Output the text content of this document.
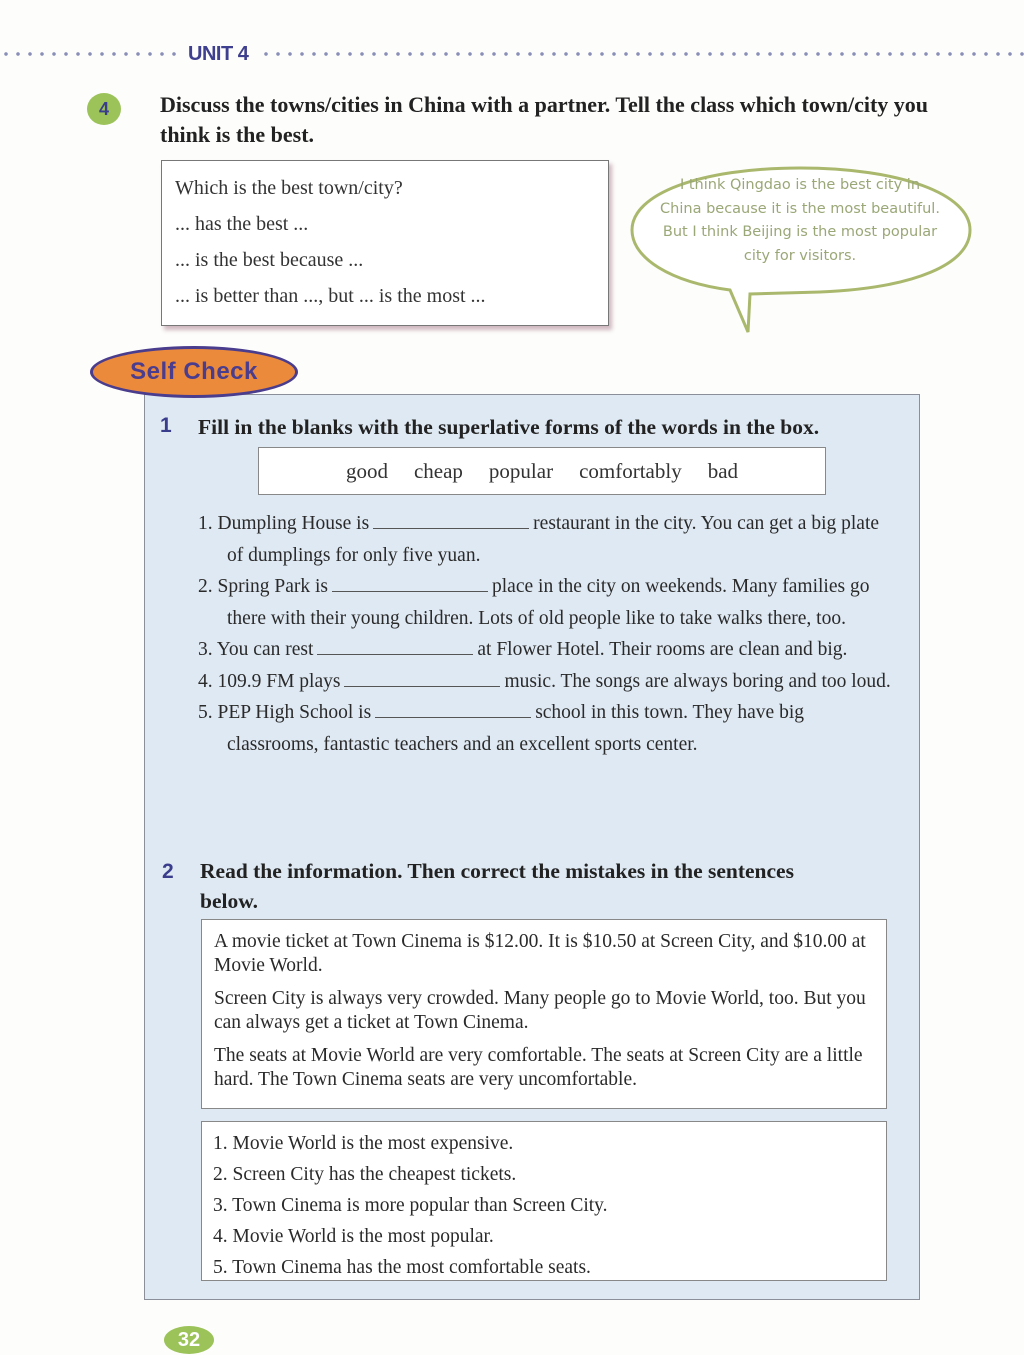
UNIT 4
4	Discuss the towns/cities in China with a partner. Tell the class which town/city you think is the best.
Which is the best town/city?
... has the best ...
... is the best because ...
... is better than ..., but ... is the most ...
I think Qingdao is the best city in China because it is the most beautiful. But I think Beijing is the most popular city for visitors.
Self Check
1 Fill in the blanks with the superlative forms of the words in the box.
good cheap popular comfortably bad
1. Dumpling House is	restaurant in the city. You can get a big plate of dumplings for only five yuan.
2. Spring Park is	place in the city on weekends. Many families go there with their young children. Lots of old people like to take walks there, too.
3. You can rest	at Flower Hotel. Their rooms are clean and big.
4. 109.9 FM plays	music. The songs are always boring and too loud.
5. PEP High School is	school in this town. They have big classrooms, fantastic teachers and an excellent sports center.
2 Read the information. Then correct the mistakes in the sentences below.

A movie ticket at Town Cinema is $12.00. It is $10.50 at Screen City, and $10.00 at Movie World.

Screen City is always very crowded. Many people go to Movie World, too. But you can always get a ticket at Town Cinema.

The seats at Movie World are very comfortable. The seats at Screen City are a little hard. The Town Cinema seats are very uncomfortable.

1. Movie World is the most expensive.
2. Screen City has the cheapest tickets.
3. Town Cinema is more popular than Screen City.
4. Movie World is the most popular.
5. Town Cinema has the most comfortable seats.
32
